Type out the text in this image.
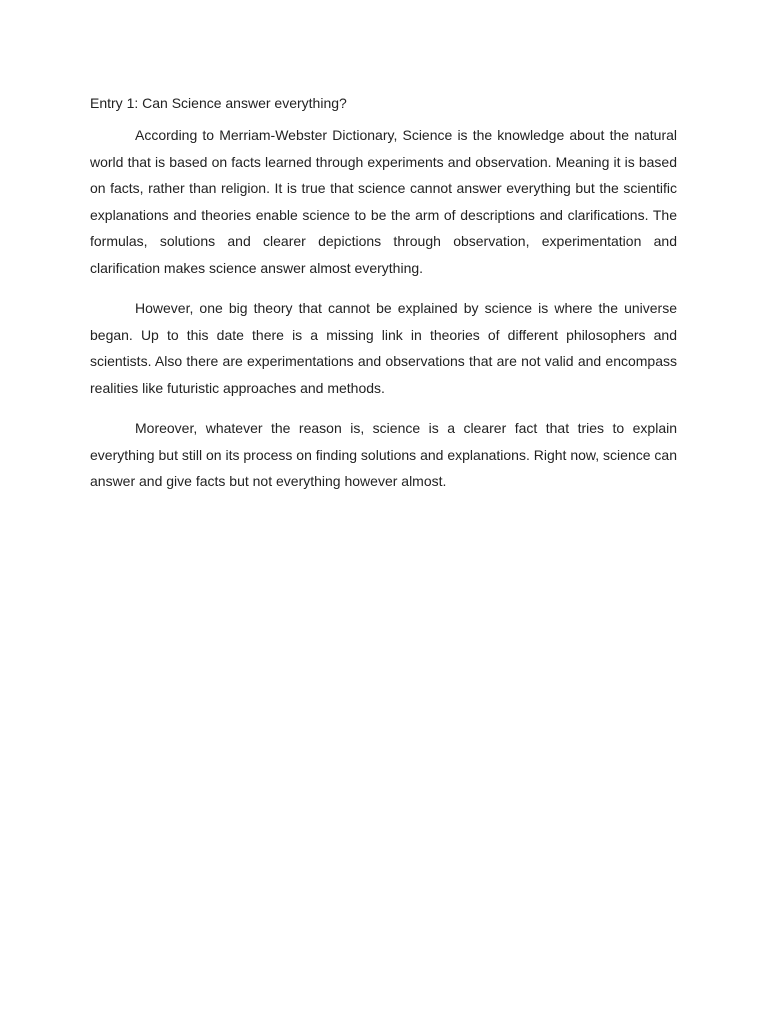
Entry 1: Can Science answer everything?

According to Merriam-Webster Dictionary, Science is the knowledge about the natural world that is based on facts learned through experiments and observation. Meaning it is based on facts, rather than religion. It is true that science cannot answer everything but the scientific explanations and theories enable science to be the arm of descriptions and clarifications. The formulas, solutions and clearer depictions through observation, experimentation and clarification makes science answer almost everything.

However, one big theory that cannot be explained by science is where the universe began. Up to this date there is a missing link in theories of different philosophers and scientists. Also there are experimentations and observations that are not valid and encompass realities like futuristic approaches and methods.

Moreover, whatever the reason is, science is a clearer fact that tries to explain everything but still on its process on finding solutions and explanations. Right now, science can answer and give facts but not everything however almost.
